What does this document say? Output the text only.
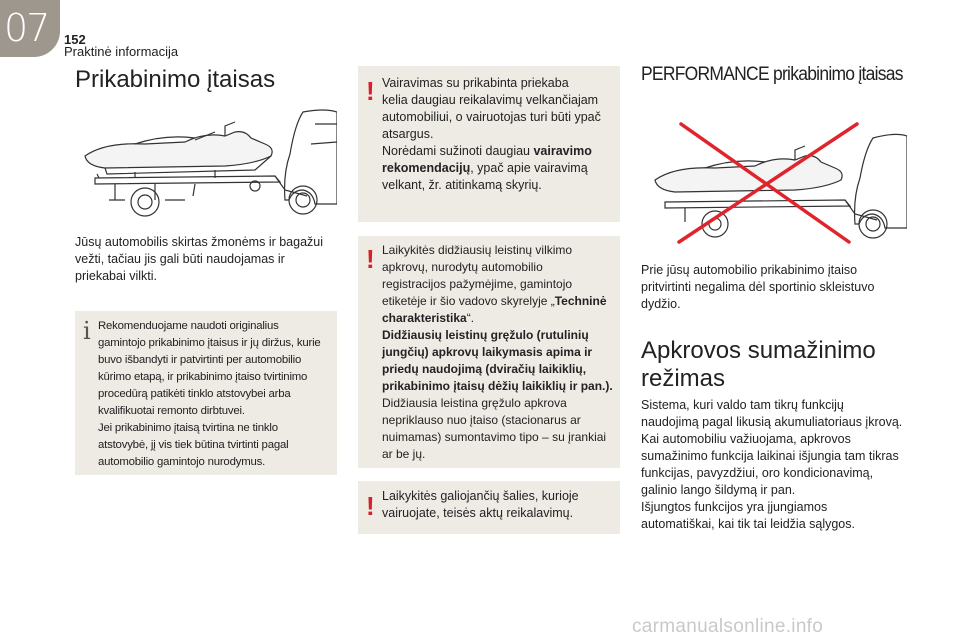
07 152
Praktinė informacija
Prikabinimo įtaisas
Jūsų automobilis skirtas žmonėms ir bagažui
vežti, tačiau jis gali būti naudojamas ir
priekabai vilkti.
i Rekomenduojame naudoti originalius
gamintojo prikabinimo įtaisus ir jų diržus, kurie
buvo išbandyti ir patvirtinti per automobilio
kūrimo etapą, ir prikabinimo įtaiso tvirtinimo
procedūrą patikėti tinklo atstovybei arba
kvalifikuotai remonto dirbtuvei.
Jei prikabinimo įtaisą tvirtina ne tinklo
atstovybė, jį vis tiek būtina tvirtinti pagal
automobilio gamintojo nurodymus.
! Vairavimas su prikabinta priekaba
kelia daugiau reikalavimų velkančiajam
automobiliui, o vairuotojas turi būti ypač
atsargus.
Norėdami sužinoti daugiau vairavimo
rekomendacijų, ypač apie vairavimą
velkant, žr. atitinkamą skyrių.
! Laikykitės didžiausių leistinų vilkimo
apkrovų, nurodytų automobilio
registracijos pažymėjime, gamintojo
etiketėje ir šio vadovo skyrelyje „Techninė
charakteristika“.
Didžiausių leistinų gręžulo (rutulinių
jungčių) apkrovų laikymasis apima ir
priedų naudojimą (dviračių laikiklių,
prikabinimo įtaisų dėžių laikiklių ir pan.).
Didžiausia leistina gręžulo apkrova
nepriklauso nuo įtaiso (stacionarus ar
nuimamas) sumontavimo tipo – su įrankiai
ar be jų.
! Laikykitės galiojančių šalies, kurioje
vairuojate, teisės aktų reikalavimų.
PERFORMANCE prikabinimo įtaisas
Prie jūsų automobilio prikabinimo įtaiso
pritvirtinti negalima dėl sportinio skleistuvo
dydžio.
Apkrovos sumažinimo
režimas
Sistema, kuri valdo tam tikrų funkcijų
naudojimą pagal likusią akumuliatoriaus įkrovą.
Kai automobiliu važiuojama, apkrovos
sumažinimo funkcija laikinai išjungia tam tikras
funkcijas, pavyzdžiui, oro kondicionavimą,
galinio lango šildymą ir pan.
Išjungtos funkcijos yra įjungiamos
automatiškai, kai tik tai leidžia sąlygos.
carmanualsonline.info
